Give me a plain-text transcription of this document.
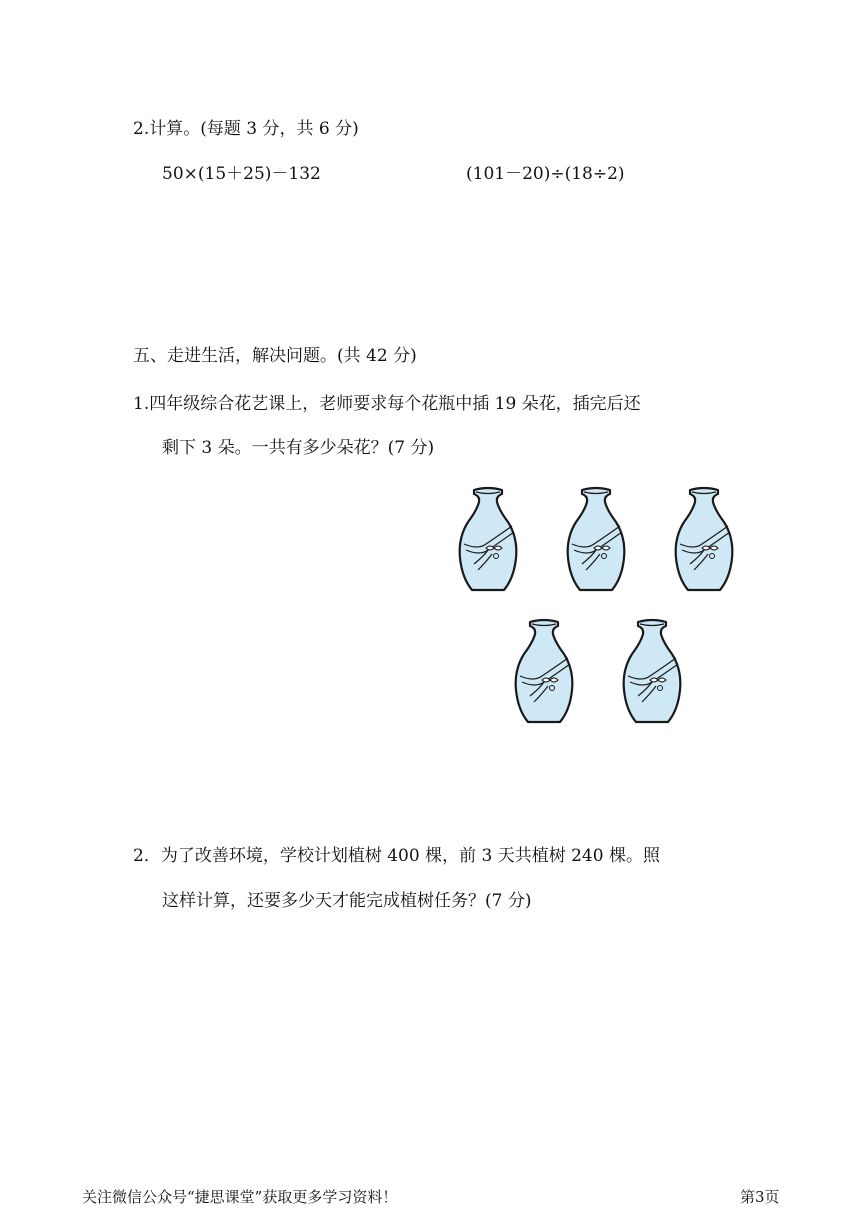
2.计算。(每题 3 分，共 6 分)
50×(15＋25)－132	(101－20)÷(18÷2)
五、走进生活，解决问题。(共 42 分)
1.四年级综合花艺课上，老师要求每个花瓶中插 19 朵花，插完后还
剩下 3 朵。一共有多少朵花？(7 分)
2．为了改善环境，学校计划植树 400 棵，前 3 天共植树 240 棵。照
这样计算，还要多少天才能完成植树任务？(7 分)
关注微信公众号“捷思课堂”获取更多学习资料！	第3页
